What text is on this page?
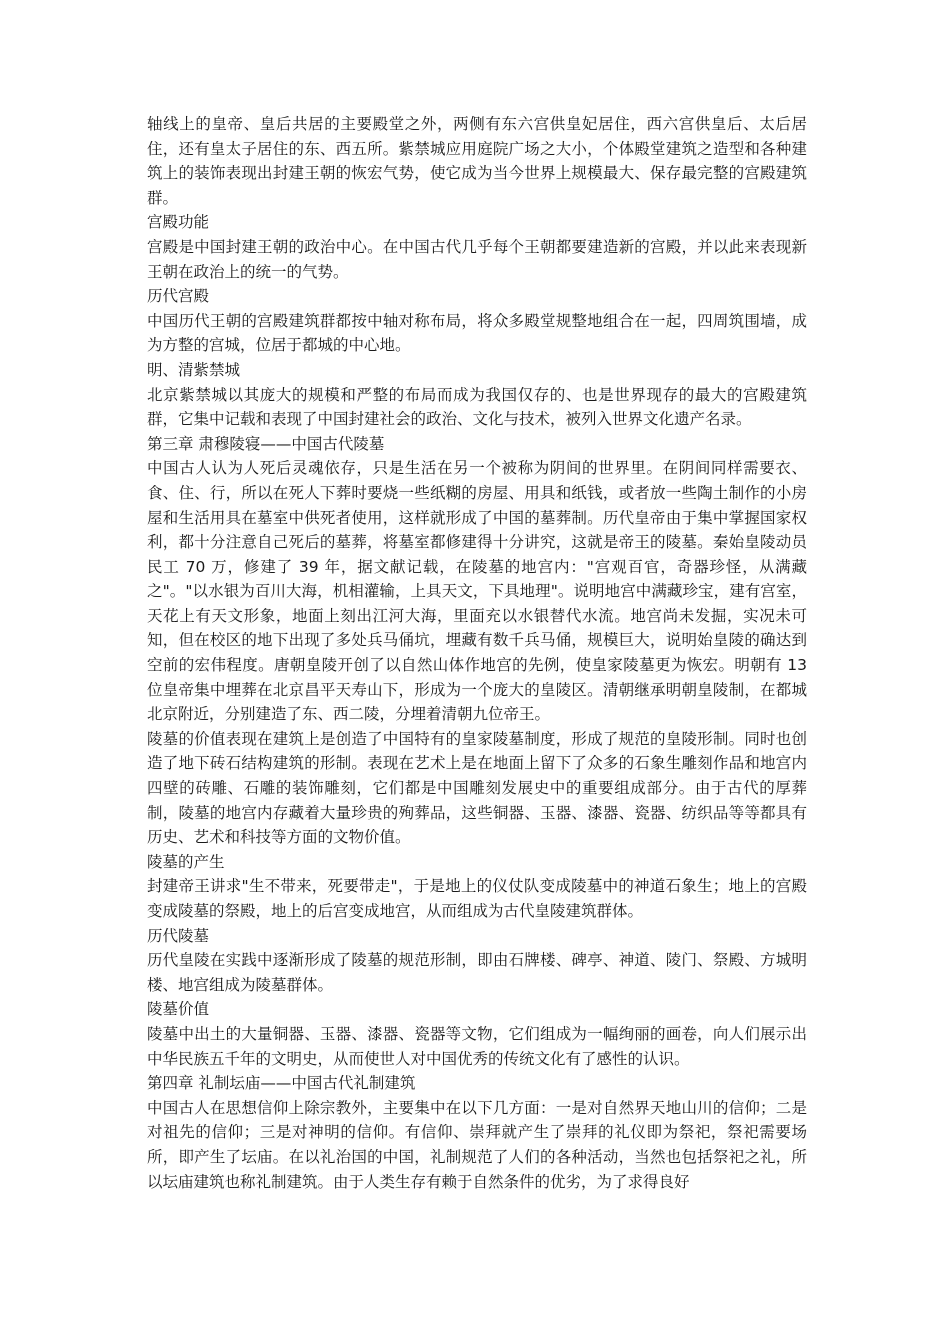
轴线上的皇帝、皇后共居的主要殿堂之外，两侧有东六宫供皇妃居住，西六宫供皇后、太后居住，还有皇太子居住的东、西五所。紫禁城应用庭院广场之大小，个体殿堂建筑之造型和各种建筑上的装饰表现出封建王朝的恢宏气势，使它成为当今世界上规模最大、保存最完整的宫殿建筑群。

宫殿功能

宫殿是中国封建王朝的政治中心。在中国古代几乎每个王朝都要建造新的宫殿，并以此来表现新王朝在政治上的统一的气势。

历代宫殿

中国历代王朝的宫殿建筑群都按中轴对称布局，将众多殿堂规整地组合在一起，四周筑围墙，成为方整的宫城，位居于都城的中心地。

明、清紫禁城

北京紫禁城以其庞大的规模和严整的布局而成为我国仅存的、也是世界现存的最大的宫殿建筑群，它集中记载和表现了中国封建社会的政治、文化与技术，被列入世界文化遗产名录。

第三章 肃穆陵寝——中国古代陵墓

中国古人认为人死后灵魂依存，只是生活在另一个被称为阴间的世界里。在阴间同样需要衣、食、住、行，所以在死人下葬时要烧一些纸糊的房屋、用具和纸钱，或者放一些陶土制作的小房屋和生活用具在墓室中供死者使用，这样就形成了中国的墓葬制。历代皇帝由于集中掌握国家权利，都十分注意自己死后的墓葬，将墓室都修建得十分讲究，这就是帝王的陵墓。秦始皇陵动员民工 70 万，修建了 39 年，据文献记载，在陵墓的地宫内："宫观百官，奇器珍怪，从满藏之"。"以水银为百川大海，机相灌输，上具天文，下具地理"。说明地宫中满藏珍宝，建有宫室，天花上有天文形象，地面上刻出江河大海，里面充以水银替代水流。地宫尚未发掘，实况未可知，但在校区的地下出现了多处兵马俑坑，埋藏有数千兵马俑，规模巨大，说明始皇陵的确达到空前的宏伟程度。唐朝皇陵开创了以自然山体作地宫的先例，使皇家陵墓更为恢宏。明朝有 13 位皇帝集中埋葬在北京昌平天寿山下，形成为一个庞大的皇陵区。清朝继承明朝皇陵制，在都城北京附近，分别建造了东、西二陵，分埋着清朝九位帝王。

陵墓的价值表现在建筑上是创造了中国特有的皇家陵墓制度，形成了规范的皇陵形制。同时也创造了地下砖石结构建筑的形制。表现在艺术上是在地面上留下了众多的石象生雕刻作品和地宫内四壁的砖雕、石雕的装饰雕刻，它们都是中国雕刻发展史中的重要组成部分。由于古代的厚葬制，陵墓的地宫内存藏着大量珍贵的殉葬品，这些铜器、玉器、漆器、瓷器、纺织品等等都具有历史、艺术和科技等方面的文物价值。

陵墓的产生

封建帝王讲求"生不带来，死要带走"，于是地上的仪仗队变成陵墓中的神道石象生；地上的宫殿变成陵墓的祭殿，地上的后宫变成地宫，从而组成为古代皇陵建筑群体。

历代陵墓

历代皇陵在实践中逐渐形成了陵墓的规范形制，即由石牌楼、碑亭、神道、陵门、祭殿、方城明楼、地宫组成为陵墓群体。

陵墓价值

陵墓中出土的大量铜器、玉器、漆器、瓷器等文物，它们组成为一幅绚丽的画卷，向人们展示出中华民族五千年的文明史，从而使世人对中国优秀的传统文化有了感性的认识。

第四章 礼制坛庙——中国古代礼制建筑

中国古人在思想信仰上除宗教外，主要集中在以下几方面：一是对自然界天地山川的信仰；二是对祖先的信仰；三是对神明的信仰。有信仰、崇拜就产生了崇拜的礼仪即为祭祀，祭祀需要场所，即产生了坛庙。在以礼治国的中国，礼制规范了人们的各种活动，当然也包括祭祀之礼，所以坛庙建筑也称礼制建筑。由于人类生存有赖于自然条件的优劣，为了求得良好
